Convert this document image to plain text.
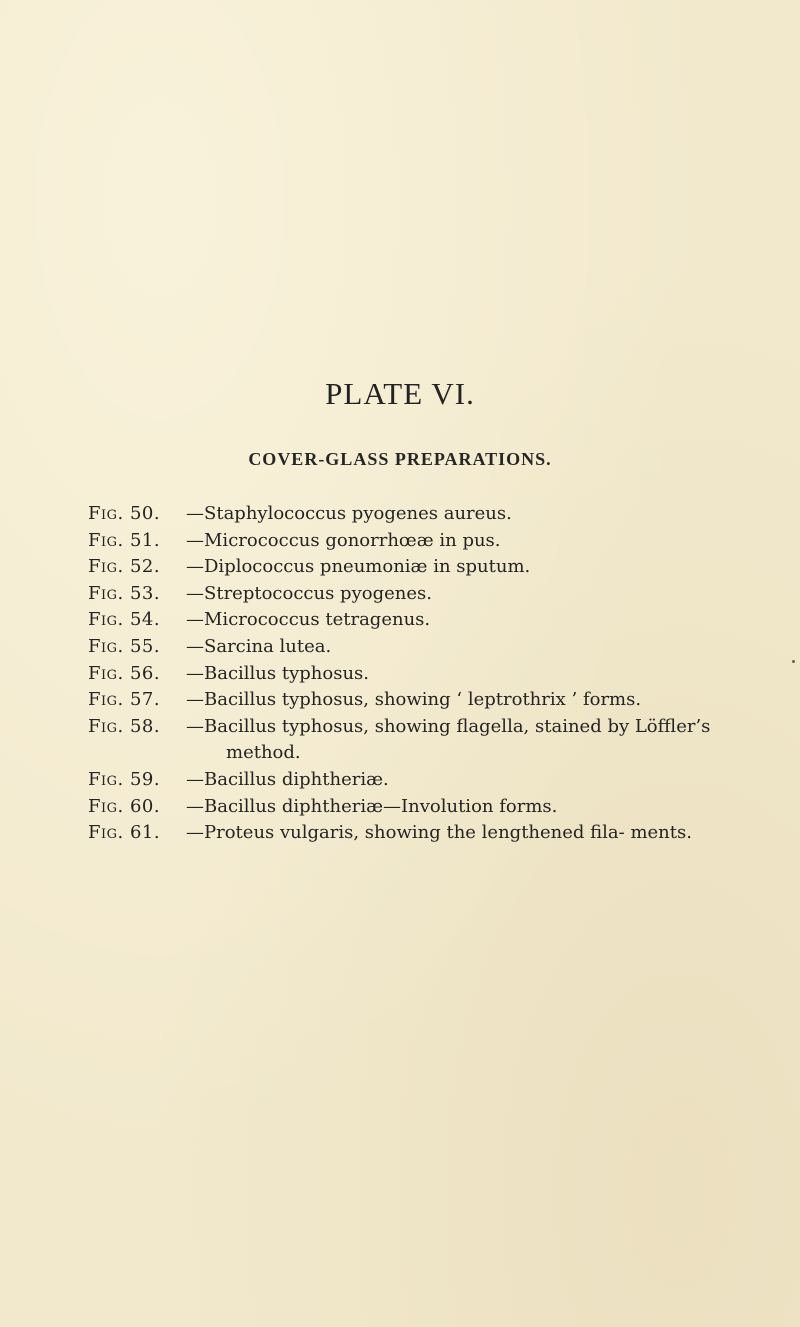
PLATE VI.
COVER-GLASS PREPARATIONS.
Fig. 50. —Staphylococcus pyogenes aureus.
Fig. 51. —Micrococcus gonorrhœæ in pus.
Fig. 52. —Diplococcus pneumoniæ in sputum.
Fig. 53. —Streptococcus pyogenes.
Fig. 54. —Micrococcus tetragenus.
Fig. 55. —Sarcina lutea.
Fig. 56. —Bacillus typhosus.
Fig. 57. —Bacillus typhosus, showing ‘ leptrothrix ’ forms.
Fig. 58. —Bacillus typhosus, showing flagella, stained by Löffler’s method.
Fig. 59. —Bacillus diphtheriæ.
Fig. 60. —Bacillus diphtheriæ—Involution forms.
Fig. 61. —Proteus vulgaris, showing the lengthened fila- ments.
